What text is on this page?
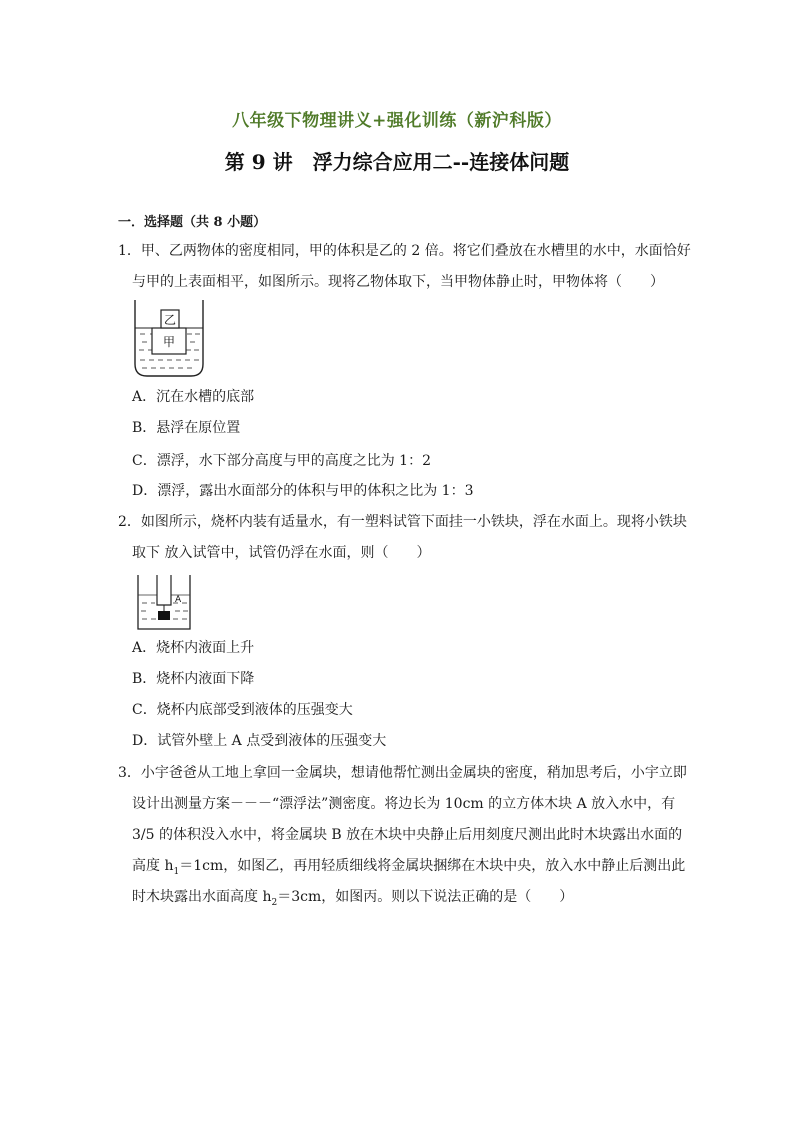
八年级下物理讲义+强化训练（新沪科版）
第 9 讲　浮力综合应用二--连接体问题
一．选择题（共 8 小题）
1．甲、乙两物体的密度相同，甲的体积是乙的 2 倍。将它们叠放在水槽里的水中，水面恰好
与甲的上表面相平，如图所示。现将乙物体取下，当甲物体静止时，甲物体将（　　）
乙
甲
A．沉在水槽的底部
B．悬浮在原位置
C．漂浮，水下部分高度与甲的高度之比为 1：2
D．漂浮，露出水面部分的体积与甲的体积之比为 1：3
2．如图所示，烧杯内装有适量水，有一塑料试管下面挂一小铁块，浮在水面上。现将小铁块
取下 放入试管中，试管仍浮在水面，则（　　）
A
A．烧杯内液面上升
B．烧杯内液面下降
C．烧杯内底部受到液体的压强变大
D．试管外壁上 A 点受到液体的压强变大
3．小宇爸爸从工地上拿回一金属块，想请他帮忙测出金属块的密度，稍加思考后，小宇立即
设计出测量方案－－－“漂浮法”测密度。将边长为 10cm 的立方体木块 A 放入水中，有
3/5 的体积没入水中，将金属块 B 放在木块中央静止后用刻度尺测出此时木块露出水面的
高度 $h_1=1cm$，如图乙，再用轻质细线将金属块捆绑在木块中央，放入水中静止后测出此
时木块露出水面高度 $h_2=3cm$，如图丙。则以下说法正确的是（　　）
